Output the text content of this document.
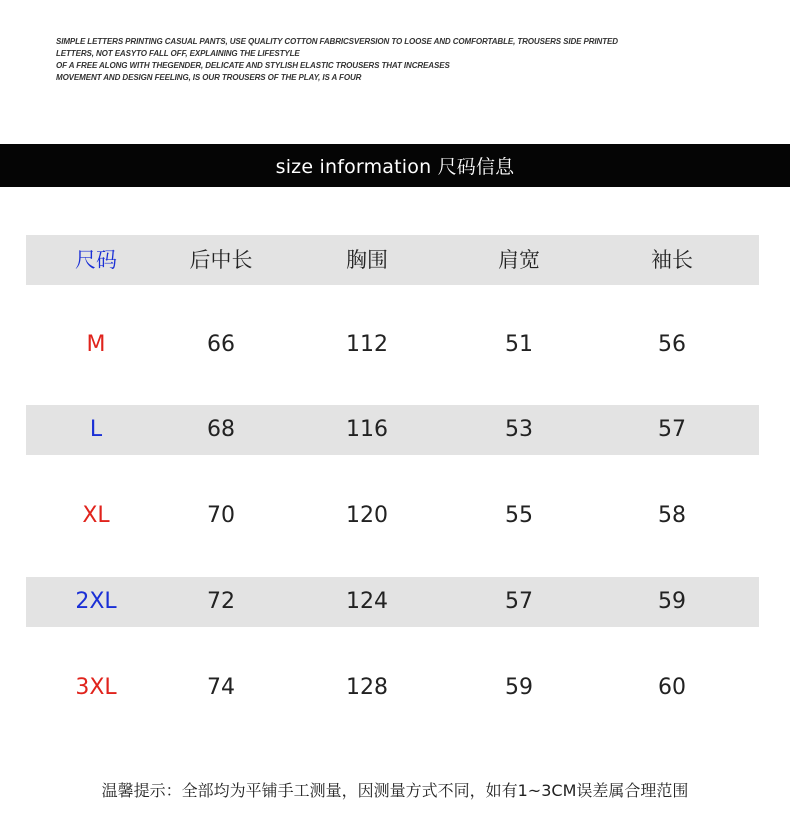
SIMPLE LETTERS PRINTING CASUAL PANTS, USE QUALITY COTTON FABRICSVERSION TO LOOSE AND COMFORTABLE, TROUSERS SIDE PRINTED
LETTERS, NOT EASYTO FALL OFF, EXPLAINING THE LIFESTYLE
OF A FREE ALONG WITH THEGENDER, DELICATE AND STYLISH ELASTIC TROUSERS THAT INCREASES
MOVEMENT AND DESIGN FEELING, IS OUR TROUSERS OF THE PLAY, IS A FOUR
size information 尺码信息
尺码	后中长	胸围	肩宽	袖长
M	66	112	51	56
L	68	116	53	57
XL	70	120	55	58
2XL	72	124	57	59
3XL	74	128	59	60
温馨提示：全部均为平铺手工测量，因测量方式不同，如有1~3CM误差属合理范围
